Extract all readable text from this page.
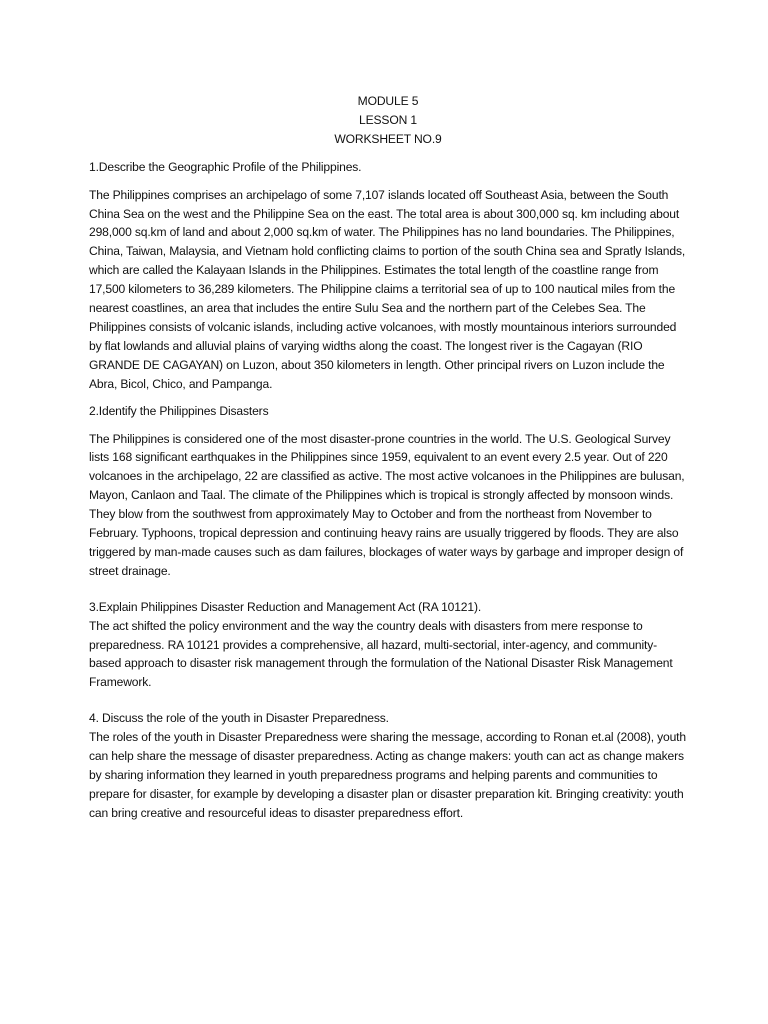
MODULE 5
LESSON 1
WORKSHEET NO.9

1.Describe the Geographic Profile of the Philippines.

The Philippines comprises an archipelago of some 7,107 islands located off Southeast Asia, between the South China Sea on the west and the Philippine Sea on the east. The total area is about 300,000 sq. km including about 298,000 sq.km of land and about 2,000 sq.km of water. The Philippines has no land boundaries. The Philippines, China, Taiwan, Malaysia, and Vietnam hold conflicting claims to portion of the south China sea and Spratly Islands, which are called the Kalayaan Islands in the Philippines. Estimates the total length of the coastline range from 17,500 kilometers to 36,289 kilometers. The Philippine claims a territorial sea of up to 100 nautical miles from the nearest coastlines, an area that includes the entire Sulu Sea and the northern part of the Celebes Sea. The Philippines consists of volcanic islands, including active volcanoes, with mostly mountainous interiors surrounded by flat lowlands and alluvial plains of varying widths along the coast. The longest river is the Cagayan (RIO GRANDE DE CAGAYAN) on Luzon, about 350 kilometers in length. Other principal rivers on Luzon include the Abra, Bicol, Chico, and Pampanga.

2.Identify the Philippines Disasters

The Philippines is considered one of the most disaster-prone countries in the world. The U.S. Geological Survey lists 168 significant earthquakes in the Philippines since 1959, equivalent to an event every 2.5 year. Out of 220 volcanoes in the archipelago, 22 are classified as active. The most active volcanoes in the Philippines are bulusan, Mayon, Canlaon and Taal. The climate of the Philippines which is tropical is strongly affected by monsoon winds. They blow from the southwest from approximately May to October and from the northeast from November to February. Typhoons, tropical depression and continuing heavy rains are usually triggered by floods. They are also triggered by man-made causes such as dam failures, blockages of water ways by garbage and improper design of street drainage.

3.Explain Philippines Disaster Reduction and Management Act (RA 10121).

The act shifted the policy environment and the way the country deals with disasters from mere response to preparedness. RA 10121 provides a comprehensive, all hazard, multi-sectorial, inter-agency, and community-based approach to disaster risk management through the formulation of the National Disaster Risk Management Framework.

4. Discuss the role of the youth in Disaster Preparedness.

The roles of the youth in Disaster Preparedness were sharing the message, according to Ronan et.al (2008), youth can help share the message of disaster preparedness. Acting as change makers: youth can act as change makers by sharing information they learned in youth preparedness programs and helping parents and communities to prepare for disaster, for example by developing a disaster plan or disaster preparation kit. Bringing creativity: youth can bring creative and resourceful ideas to disaster preparedness effort.
